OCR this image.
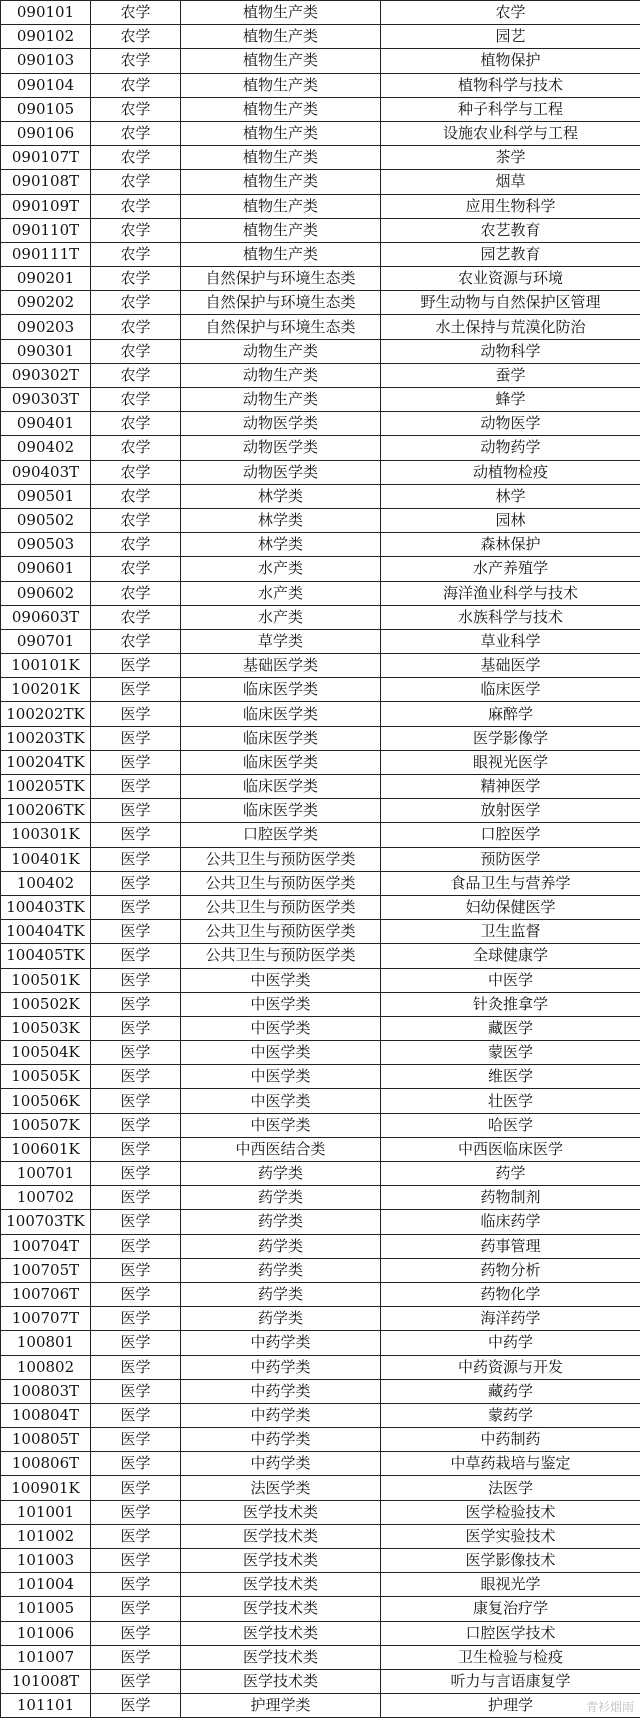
090101	农学	植物生产类	农学
090102	农学	植物生产类	园艺
090103	农学	植物生产类	植物保护
090104	农学	植物生产类	植物科学与技术
090105	农学	植物生产类	种子科学与工程
090106	农学	植物生产类	设施农业科学与工程
090107T	农学	植物生产类	茶学
090108T	农学	植物生产类	烟草
090109T	农学	植物生产类	应用生物科学
090110T	农学	植物生产类	农艺教育
090111T	农学	植物生产类	园艺教育
090201	农学	自然保护与环境生态类	农业资源与环境
090202	农学	自然保护与环境生态类	野生动物与自然保护区管理
090203	农学	自然保护与环境生态类	水土保持与荒漠化防治
090301	农学	动物生产类	动物科学
090302T	农学	动物生产类	蚕学
090303T	农学	动物生产类	蜂学
090401	农学	动物医学类	动物医学
090402	农学	动物医学类	动物药学
090403T	农学	动物医学类	动植物检疫
090501	农学	林学类	林学
090502	农学	林学类	园林
090503	农学	林学类	森林保护
090601	农学	水产类	水产养殖学
090602	农学	水产类	海洋渔业科学与技术
090603T	农学	水产类	水族科学与技术
090701	农学	草学类	草业科学
100101K	医学	基础医学类	基础医学
100201K	医学	临床医学类	临床医学
100202TK	医学	临床医学类	麻醉学
100203TK	医学	临床医学类	医学影像学
100204TK	医学	临床医学类	眼视光医学
100205TK	医学	临床医学类	精神医学
100206TK	医学	临床医学类	放射医学
100301K	医学	口腔医学类	口腔医学
100401K	医学	公共卫生与预防医学类	预防医学
100402	医学	公共卫生与预防医学类	食品卫生与营养学
100403TK	医学	公共卫生与预防医学类	妇幼保健医学
100404TK	医学	公共卫生与预防医学类	卫生监督
100405TK	医学	公共卫生与预防医学类	全球健康学
100501K	医学	中医学类	中医学
100502K	医学	中医学类	针灸推拿学
100503K	医学	中医学类	藏医学
100504K	医学	中医学类	蒙医学
100505K	医学	中医学类	维医学
100506K	医学	中医学类	壮医学
100507K	医学	中医学类	哈医学
100601K	医学	中西医结合类	中西医临床医学
100701	医学	药学类	药学
100702	医学	药学类	药物制剂
100703TK	医学	药学类	临床药学
100704T	医学	药学类	药事管理
100705T	医学	药学类	药物分析
100706T	医学	药学类	药物化学
100707T	医学	药学类	海洋药学
100801	医学	中药学类	中药学
100802	医学	中药学类	中药资源与开发
100803T	医学	中药学类	藏药学
100804T	医学	中药学类	蒙药学
100805T	医学	中药学类	中药制药
100806T	医学	中药学类	中草药栽培与鉴定
100901K	医学	法医学类	法医学
101001	医学	医学技术类	医学检验技术
101002	医学	医学技术类	医学实验技术
101003	医学	医学技术类	医学影像技术
101004	医学	医学技术类	眼视光学
101005	医学	医学技术类	康复治疗学
101006	医学	医学技术类	口腔医学技术
101007	医学	医学技术类	卫生检验与检疫
101008T	医学	医学技术类	听力与言语康复学
101101	医学	护理学类	护理学	青衫烟雨
